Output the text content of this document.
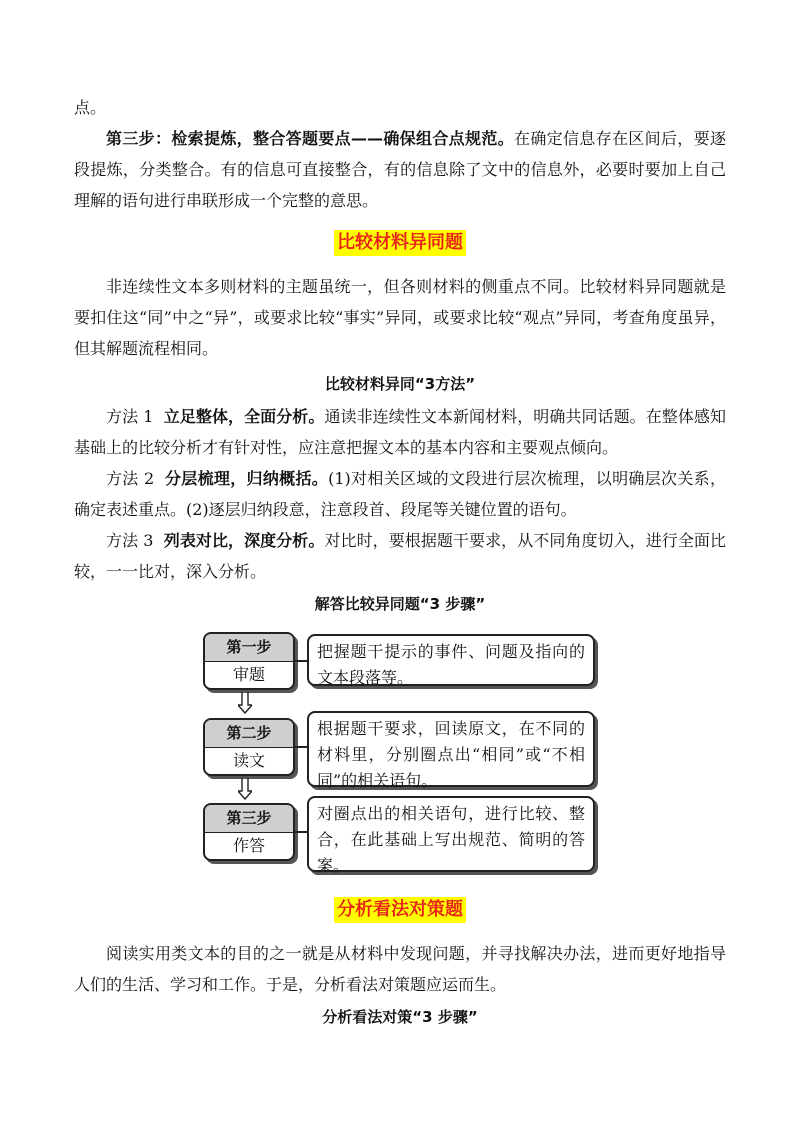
点。
第三步：检索提炼，整合答题要点——确保组合点规范。在确定信息存在区间后，要逐段提炼，分类整合。有的信息可直接整合，有的信息除了文中的信息外，必要时要加上自己理解的语句进行串联形成一个完整的意思。
比较材料异同题
非连续性文本多则材料的主题虽统一，但各则材料的侧重点不同。比较材料异同题就是要扣住这“同”中之“异”，或要求比较“事实”异同，或要求比较“观点”异同，考查角度虽异，但其解题流程相同。
比较材料异同“3方法”
方法 1 立足整体，全面分析。通读非连续性文本新闻材料，明确共同话题。在整体感知基础上的比较分析才有针对性，应注意把握文本的基本内容和主要观点倾向。
方法 2 分层梳理，归纳概括。(1)对相关区域的文段进行层次梳理，以明确层次关系，确定表述重点。(2)逐层归纳段意，注意段首、段尾等关键位置的语句。
方法 3 列表对比，深度分析。对比时，要根据题干要求，从不同角度切入，进行全面比较，一一比对，深入分析。
解答比较异同题“3 步骤”
第一步
审题
把握题干提示的事件、问题及指向的文本段落等。
第二步
读文
根据题干要求，回读原文，在不同的材料里，分别圈点出“相同”或“不相同”的相关语句。
第三步
作答
对圈点出的相关语句，进行比较、整合，在此基础上写出规范、简明的答案。
分析看法对策题
阅读实用类文本的目的之一就是从材料中发现问题，并寻找解决办法，进而更好地指导人们的生活、学习和工作。于是，分析看法对策题应运而生。
分析看法对策“3 步骤”
